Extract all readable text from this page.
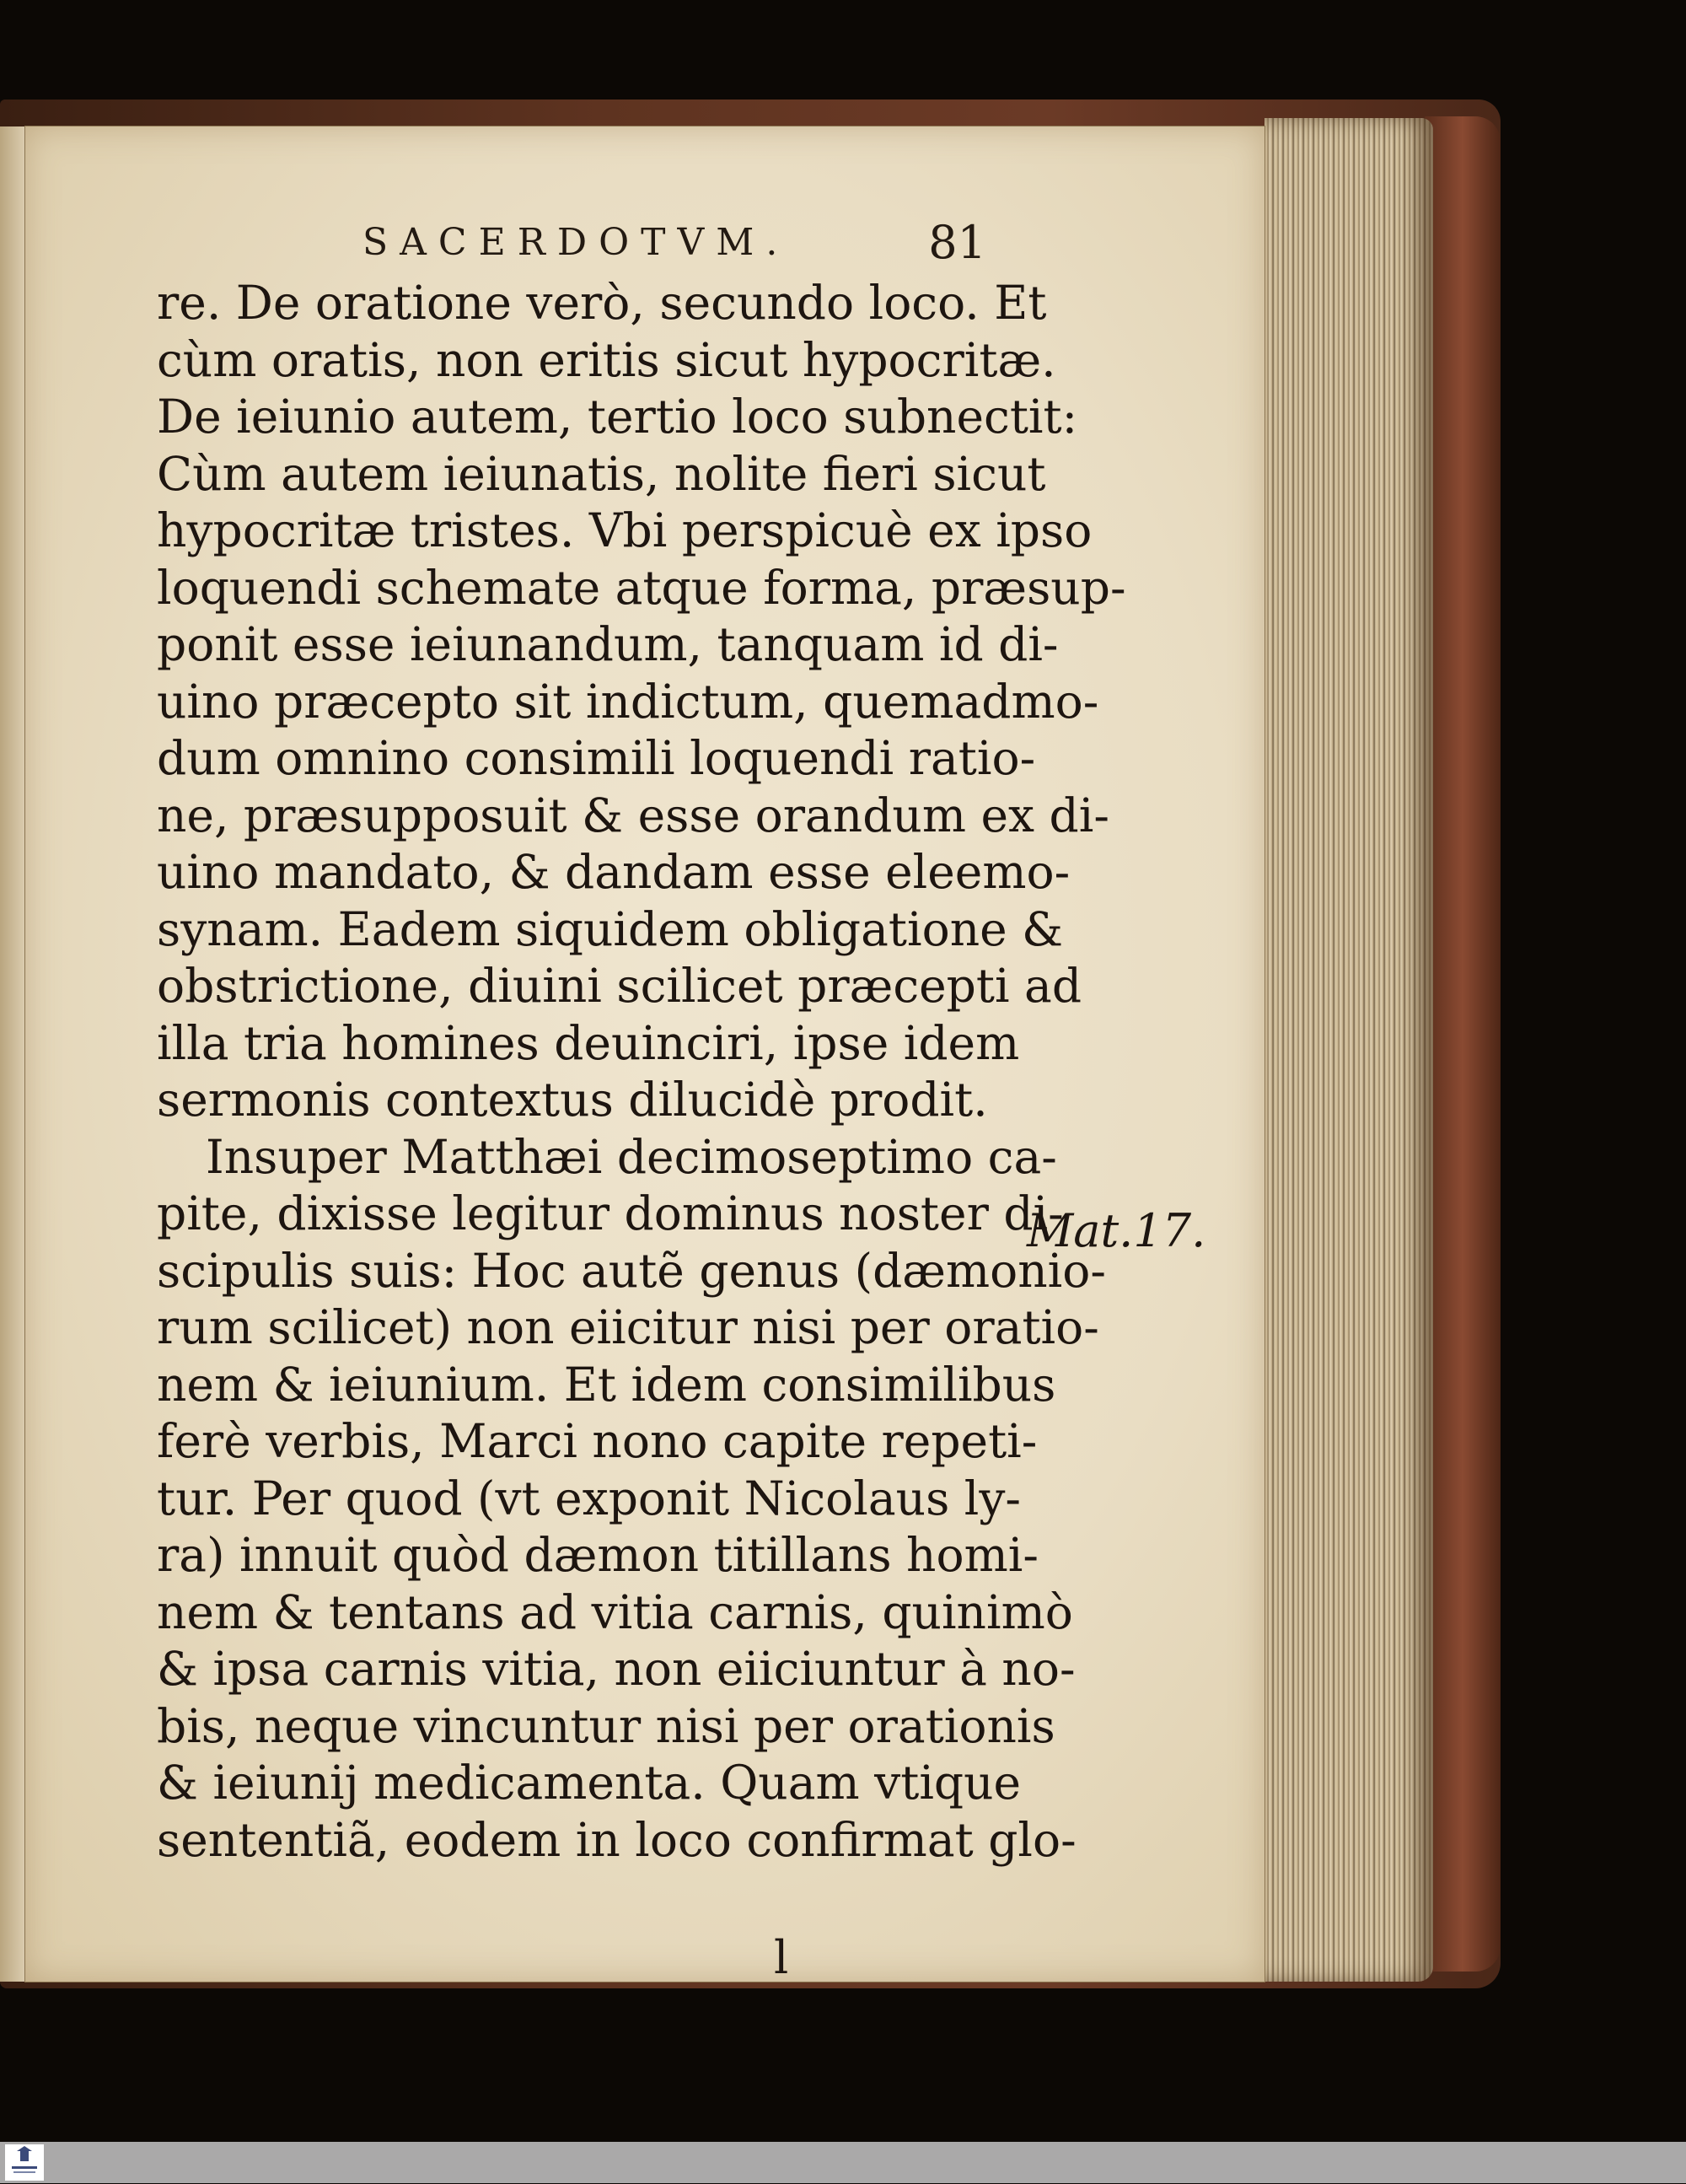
SACERDOTVM.	81
re. De oratione verò, secundo loco. Et
cùm oratis, non eritis sicut hypocritæ.
De ieiunio autem, tertio loco subnectit:
Cùm autem ieiunatis, nolite fieri sicut
hypocritæ tristes. Vbi perspicuè ex ipso
loquendi schemate atque forma, præsup-
ponit esse ieiunandum, tanquam id di-
uino præcepto sit indictum, quemadmo-
dum omnino consimili loquendi ratio-
ne, præsupposuit & esse orandum ex di-
uino mandato, & dandam esse eleemo-
synam. Eadem siquidem obligatione &
obstrictione, diuini scilicet præcepti ad
illa tria homines deuinciri, ipse idem
sermonis contextus dilucidè prodit.
Insuper Matthæi decimoseptimo ca-
pite, dixisse legitur dominus noster di-
scipulis suis: Hoc autẽ genus (dæmonio-
rum scilicet) non eiicitur nisi per oratio-
nem & ieiunium. Et idem consimilibus
ferè verbis, Marci nono capite repeti-
tur. Per quod (vt exponit Nicolaus ly-
ra) innuit quòd dæmon titillans homi-
nem & tentans ad vitia carnis, quinimò
& ipsa carnis vitia, non eiiciuntur à no-
bis, neque vincuntur nisi per orationis
& ieiunij medicamenta. Quam vtique
sententiã, eodem in loco confirmat glo-
Mat.17.
l
